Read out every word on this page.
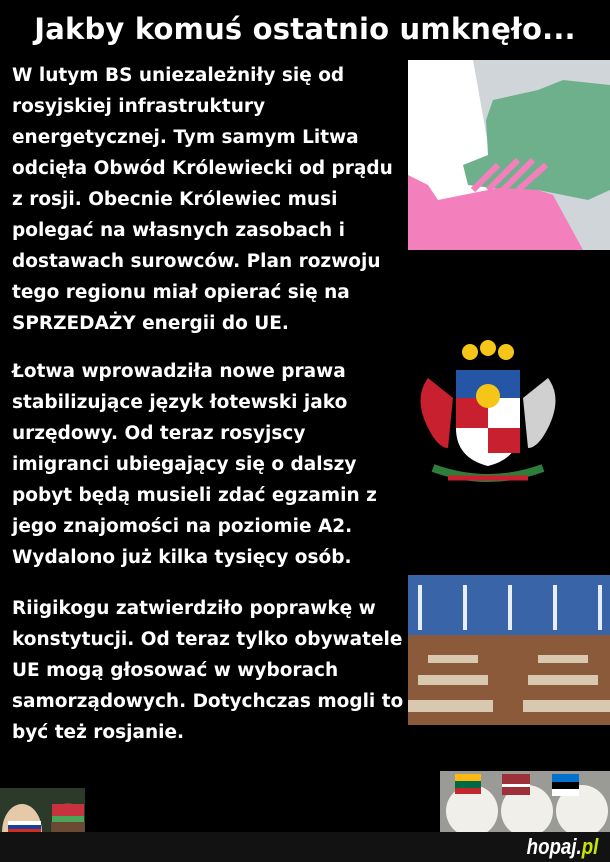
Jakby komuś ostatnio umknęło...
W lutym BS uniezależniły się od rosyjskiej infrastruktury energetycznej. Tym samym Litwa odcięła Obwód Królewiecki od prądu z rosji. Obecnie Królewiec musi polegać na własnych zasobach i dostawach surowców. Plan rozwoju tego regionu miał opierać się na SPRZEDAŻY energii do UE.
Łotwa wprowadziła nowe prawa stabilizujące język łotewski jako urzędowy. Od teraz rosyjscy imigranci ubiegający się o dalszy pobyt będą musieli zdać egzamin z jego znajomości na poziomie A2. Wydalono już kilka tysięcy osób.
Riigikogu zatwierdziło poprawkę w konstytucji. Od teraz tylko obywatele UE mogą głosować w wyborach samorządowych. Dotychczas mogli to być też rosjanie.
hopaj.pl
